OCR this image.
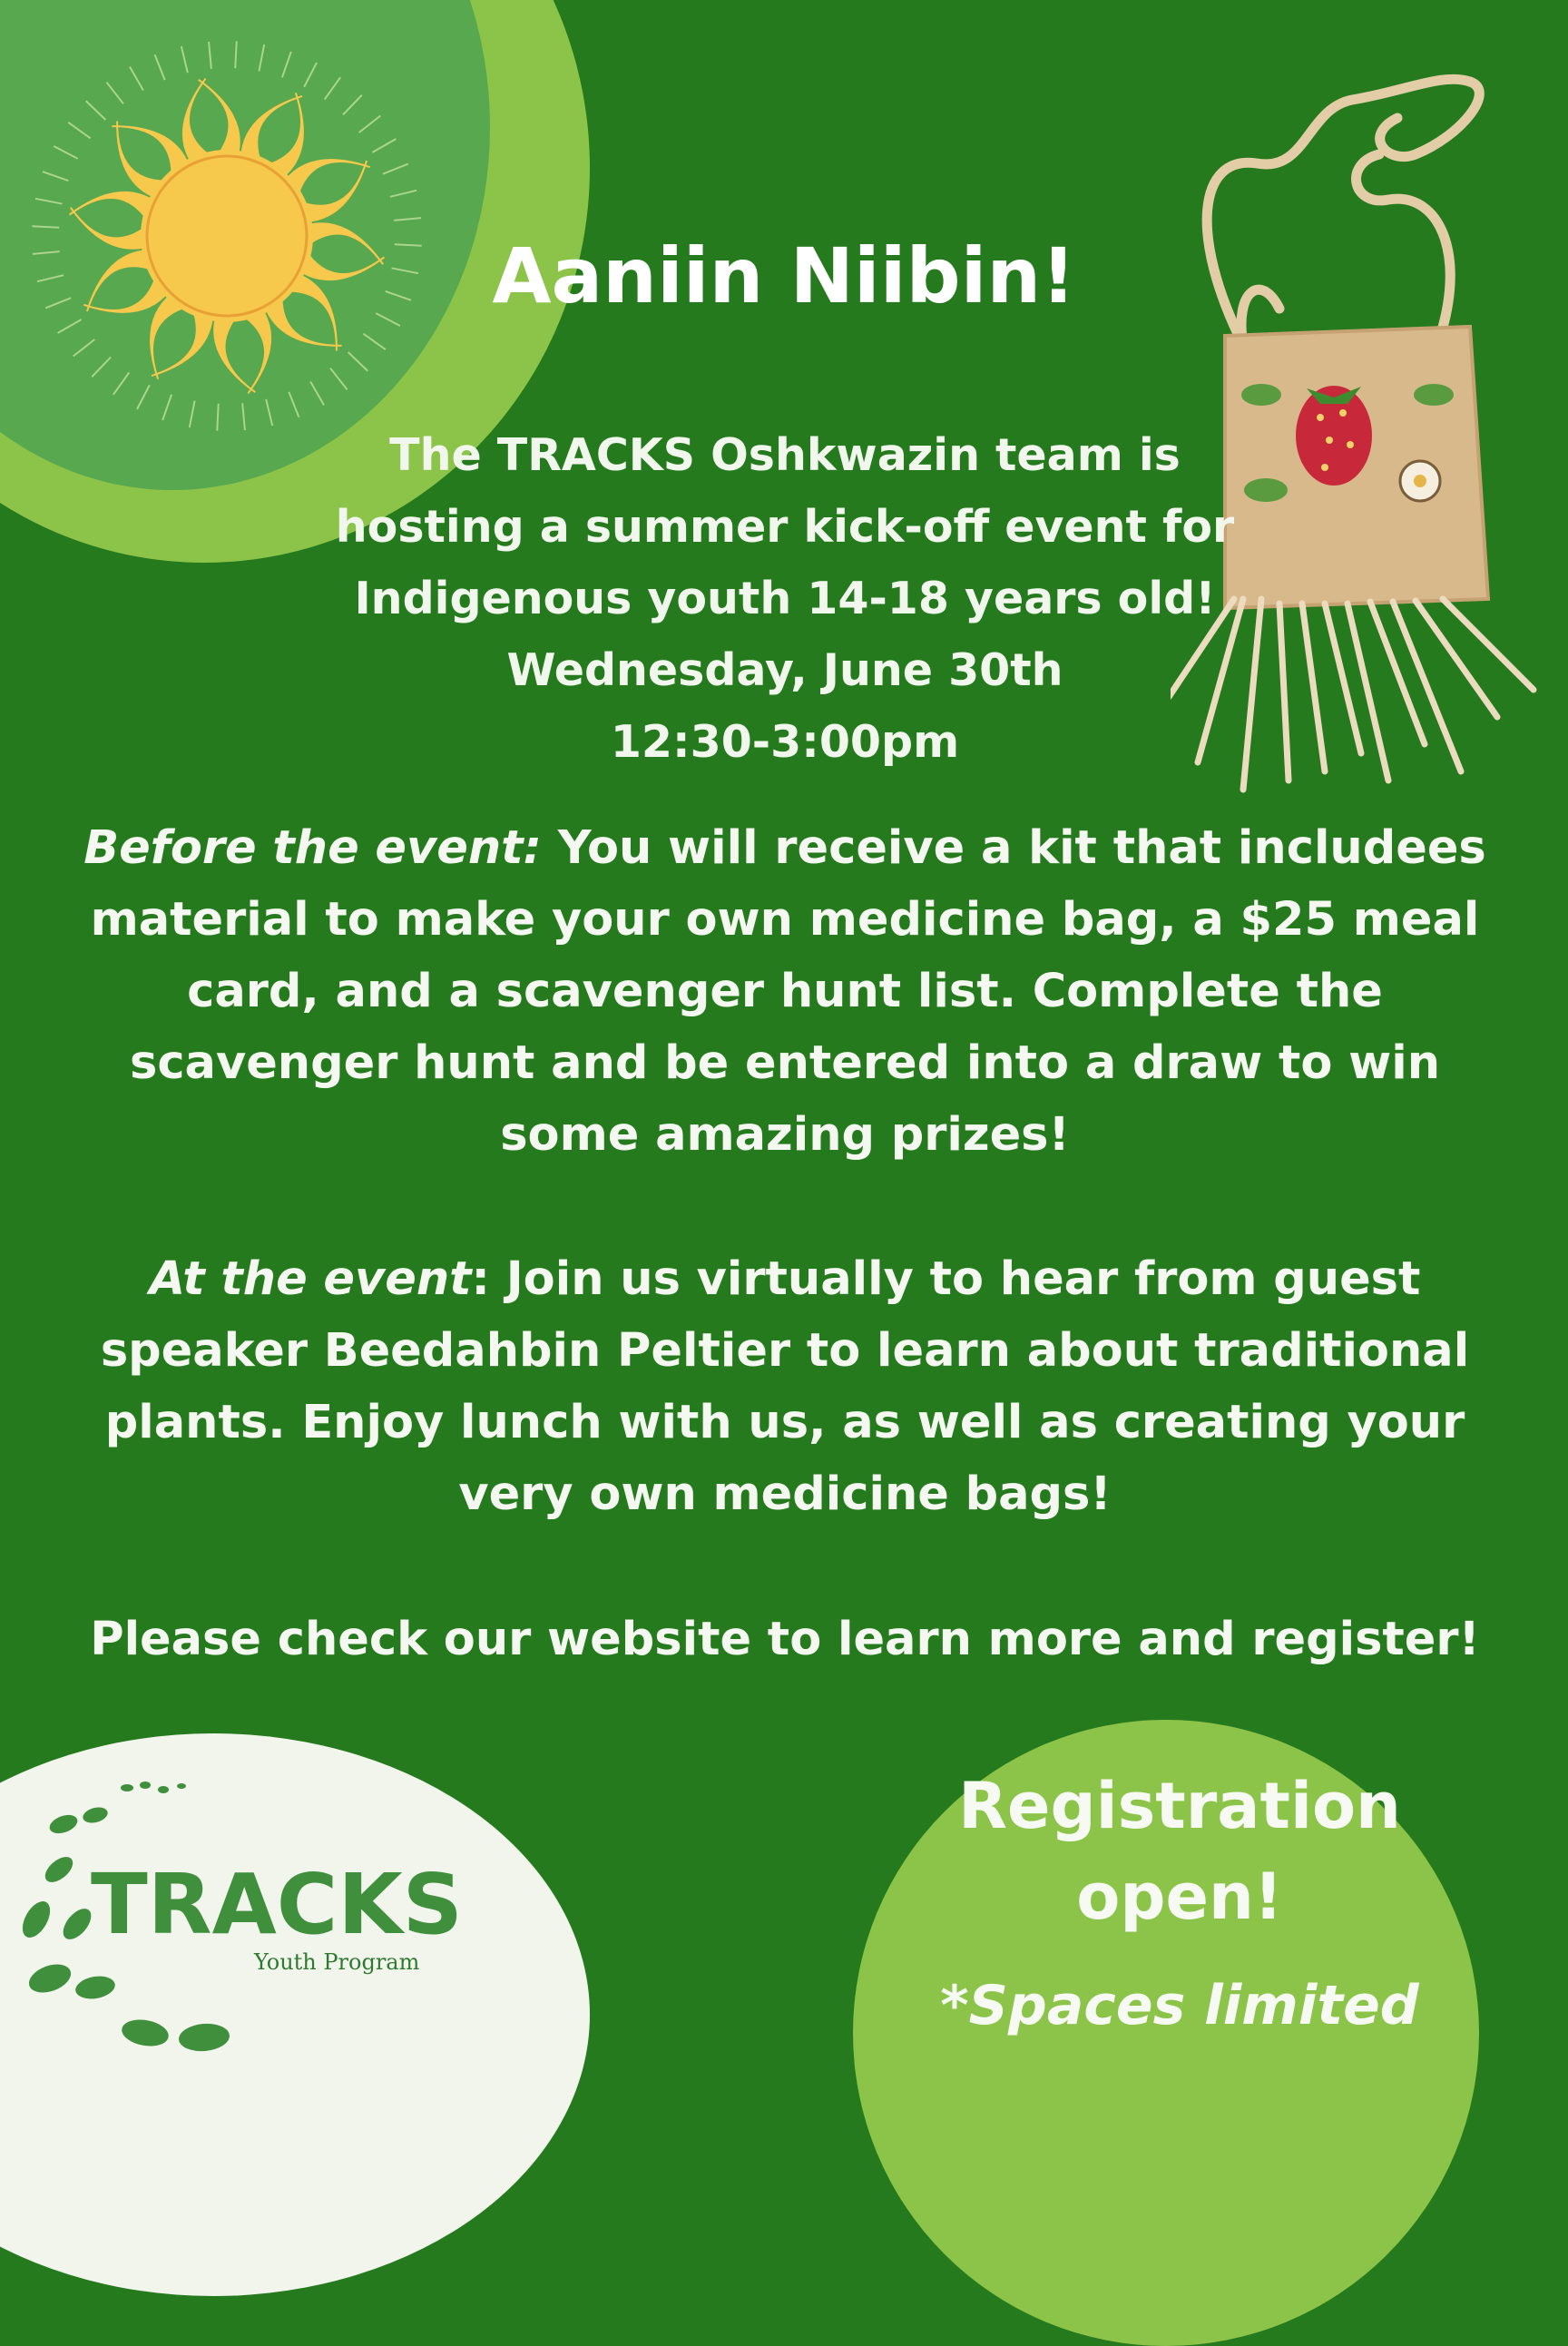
Aaniin Niibin!
The TRACKS Oshkwazin team is
hosting a summer kick-off event for
Indigenous youth 14-18 years old!
Wednesday, June 30th
12:30-3:00pm
Before the event: You will receive a kit that includees material to make your own medicine bag, a $25 meal card, and a scavenger hunt list. Complete the scavenger hunt and be entered into a draw to win some amazing prizes!
At the event: Join us virtually to hear from guest speaker Beedahbin Peltier to learn about traditional plants. Enjoy lunch with us, as well as creating your very own medicine bags!
Please check our website to learn more and register!
Registration
open!
*Spaces limited
TRACKS
Youth Program
